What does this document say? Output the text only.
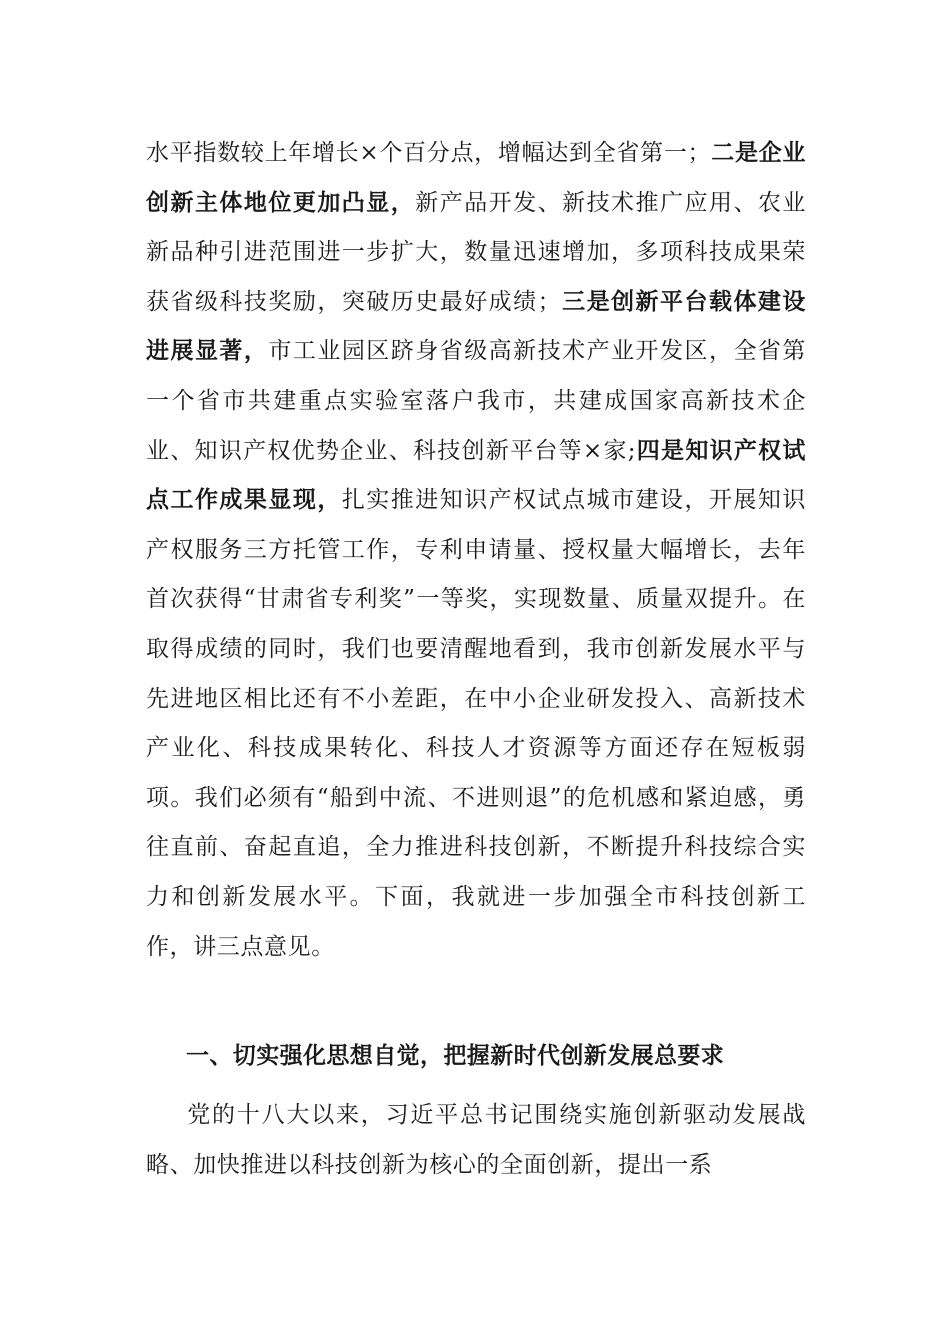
水平指数较上年增长×个百分点，增幅达到全省第一；二是企业创新主体地位更加凸显，新产品开发、新技术推广应用、农业新品种引进范围进一步扩大，数量迅速增加，多项科技成果荣获省级科技奖励，突破历史最好成绩；三是创新平台载体建设进展显著，市工业园区跻身省级高新技术产业开发区，全省第一个省市共建重点实验室落户我市，共建成国家高新技术企业、知识产权优势企业、科技创新平台等×家;四是知识产权试点工作成果显现，扎实推进知识产权试点城市建设，开展知识产权服务三方托管工作，专利申请量、授权量大幅增长，去年首次获得“甘肃省专利奖”一等奖，实现数量、质量双提升。在取得成绩的同时，我们也要清醒地看到，我市创新发展水平与先进地区相比还有不小差距，在中小企业研发投入、高新技术产业化、科技成果转化、科技人才资源等方面还存在短板弱项。我们必须有“船到中流、不进则退”的危机感和紧迫感，勇往直前、奋起直追，全力推进科技创新，不断提升科技综合实力和创新发展水平。下面，我就进一步加强全市科技创新工作，讲三点意见。
一、切实强化思想自觉，把握新时代创新发展总要求
党的十八大以来，习近平总书记围绕实施创新驱动发展战略、加快推进以科技创新为核心的全面创新，提出一系
